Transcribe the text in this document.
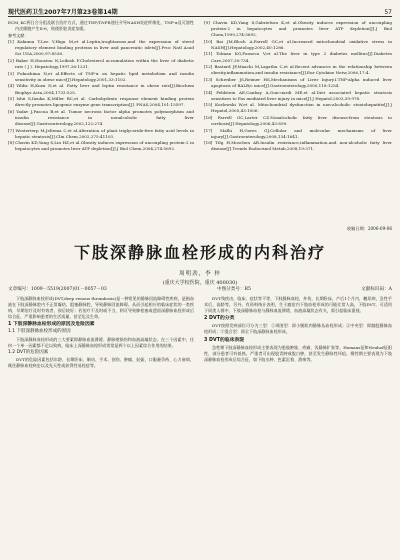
现代医药卫生2007年7月第23卷第14期	57
ECM_KC两日合分组及联合治疗方式，通过TNF/TNFR途径介导NASH炎症纤维化，TNF-α及可溶性内皮细胞产生II-6，致使肝脏炎症加重。
参考文献：
[1] Kakuma T,Lee Y,Higa M,et al.Leptin,troglitazone,and the expression of sterol regulatory element binding proteins in liver and pancreatic islets[J].Proc Natl Acad Sci USA,2000,97:8536.
[2] Baker H,Houston N,Loibish F.Cholesterol accumulation within the liver of diabetic rats ( J ). Hepatology,1997,26:1231.
[3] Fukushima N,et al.Effects of TNF-α on hepatic lipid metabolism and insulin sensitivity in obese mice[J].Hepatology,2001,33:1102.
[4] Yildiz H,Kuzu N,et al. Fatty liver and leptin resistance in obese rats[J].Biochem Biophys Acta,2004,1733:525.
[5] Ishii S,Iizuka K,Miller BC,et al. Carbohydrate response element binding protein directly promotes lipogenic enzyme gene transcription[J]. PNAS,2004,101:15597.
[6] Yadav J,Pascua B,et al. Tumor necrosis factor alpha promotes polymorphism and insulin resistance in nonalcoholic fatty liver disease[J].Gastroenterology,2002,122:274.
[7] Westerterp M,Jeltema C,et al.Alteration of plant triglyceride-free fatty acid levels in hepatic steatosis[J].Clin Chem,2002,275:41103.
[8] Chavin KD,Yang S,Lin HZ,et al.Obesity induces expression of uncoupling protein-2 in hepatocytes and promotes liver ATP depletion[J].J Biol Chem,2004,274:5692.
[9] Chavin KD,Yang S,Gabrielson K,et al.Obesity induces expression of uncoupling protein-2 in hepatocytes and promotes liver ATP depletion[J].J Biol Chem,1999,274:5692.
[10] Bai JM,Bloch A,Farrell GC,et al.Increased mitochondrial oxidative stress in NASH[J].Hepatology,2002,40:1286.
[11] Tolman KG,Fonseca V,et al.The liver in type 2 diabetes mellitus[J].Diabetes Care,2007,30:734.
[12] Bastard JP,Maachi M,Lagathu C,et al.Recent advances in the relationship between obesity,inflammation,and insulin resistance[J].Eur Cytokine Netw,2006,17:4.
[13] Schreiber JS,Reimer HS,Mechanisms of Liver Injury.I.TNF-alpha induced liver apoptosis of BALB/c mice[J].Gastroenterology,2000,118:1254.
[14] Feldstein AE,Canbay A,Guicciardi ME,et al.Diet associated hepatic steatosis sensitizes to Fas mediated liver injury in mice[J].J Hepatol,2003,39:978.
[15] Kozlowski W,et al. Mitochondrial dysfunction in non-alcoholic steatohepatitis[J].J Hepatol,2005,43:1006.
[16] Farrell GC,Larter CZ.Nonalcoholic fatty liver disease:from steatosis to cirrhosis[J].Hepatology,2006,43:S99.
[17] Malhi H,Gores GJ.Cellular and molecular mechanisms of liver injury[J].Gastroenterology,2008,134:1641.
[18] Tilg H,Moschen AR.Insulin resistance,inflammation,and non-alcoholic fatty liver disease[J].Trends Endocrinol Metab,2008,19:371.
收稿日期：2006-09-06
下肢深静脉血栓形成的内科治疗
周明劲，李 梓
(重庆大学校医院，重庆 400030)
文章编号：1009－5519(2007)01－0057－03	中图分类号：R5	文献标识码：A
下肢深静脉血栓形成(DVT,deep venous thrombosis)是一种常见的静脉回流障碍性疾病，是指血液在下肢深静脉腔内不正常凝结，阻塞静脉腔，导致静脉回流障碍。从而引起相应的临床症状的一类疾病，早期治疗及时有效者，预后较好；若治疗不及时或不当，则可导致肺栓塞或遗留深静脉血栓形成后综合征，严重影响患者的生活质量，甚至危及生命。
1 下肢深静脉血栓形成的原因及危险因素
1.1 下肢深静脉血栓形成的原因
下肢深静脉血栓形成的三大要素即静脉血流滞缓、静脉壁损伤和血液高凝状态。在三个因素中，任何一个单一因素都不足以致病，临床上深静脉血栓形成常常是两个以上因素综合作用的结果。
1.2 DVT的危险因素
DVT的危险因素包括年龄、长期卧床、制动、手术、创伤、肿瘤、妊娠、口服避孕药、心力衰竭、既往静脉血栓病史以及先天性或获得性易栓症等。
DVT残疾由，临床、症状等不等，下肢静脉血栓，外伤，长期卧床，产后1个月内，糖尿病，急性手术后，高龄等，另外，有资料统计表明，生于癌症内下肢血栓形成的可能比常人高，下肢DVT，可适用于同类人群中，下肢深静脉血栓与静脉血流滞缓、血液高凝状态有关，需引起临床重视。
2 DVT的分类
DVT按照发病部位可分为三型：①周围型：即小腿肌肉静脉丛血栓形成；②中央型：即髂股静脉血栓形成；③混合型：即全下肢深静脉血栓形成。
3 DVT的临床表现
急性期下肢深静脉血栓形成主要表现为患肢肿胀、疼痛、浅静脉扩张等。Homans征和Neuhof征阳性，部分患者可有低热。严重者可出现股青肿或股白肿，甚至发生静脉性坏疽。慢性期主要表现为下肢深静脉血栓形成后综合征，如下肢水肿、色素沉着、溃疡等。
